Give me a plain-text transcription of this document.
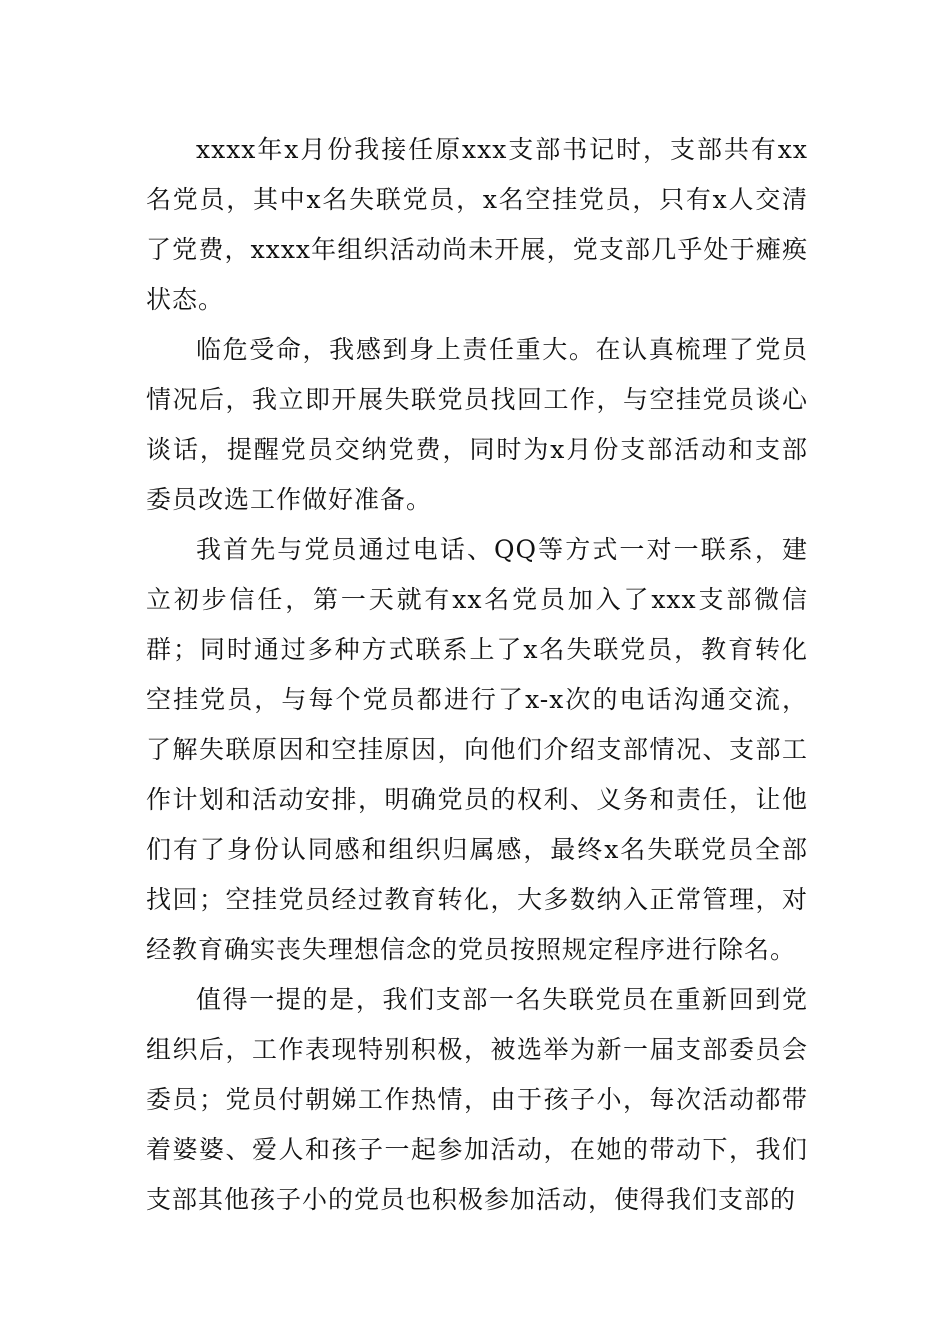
xxxx年x月份我接任原xxx支部书记时，支部共有xx名党员，其中x名失联党员，x名空挂党员，只有x人交清了党费，xxxx年组织活动尚未开展，党支部几乎处于瘫痪状态。

临危受命，我感到身上责任重大。在认真梳理了党员情况后，我立即开展失联党员找回工作，与空挂党员谈心谈话，提醒党员交纳党费，同时为x月份支部活动和支部委员改选工作做好准备。

我首先与党员通过电话、QQ等方式一对一联系，建立初步信任，第一天就有xx名党员加入了xxx支部微信群；同时通过多种方式联系上了x名失联党员，教育转化空挂党员，与每个党员都进行了x-x次的电话沟通交流，了解失联原因和空挂原因，向他们介绍支部情况、支部工作计划和活动安排，明确党员的权利、义务和责任，让他们有了身份认同感和组织归属感，最终x名失联党员全部找回；空挂党员经过教育转化，大多数纳入正常管理，对经教育确实丧失理想信念的党员按照规定程序进行除名。

值得一提的是，我们支部一名失联党员在重新回到党组织后，工作表现特别积极，被选举为新一届支部委员会委员；党员付朝娣工作热情，由于孩子小，每次活动都带着婆婆、爱人和孩子一起参加活动，在她的带动下，我们支部其他孩子小的党员也积极参加活动，使得我们支部的
